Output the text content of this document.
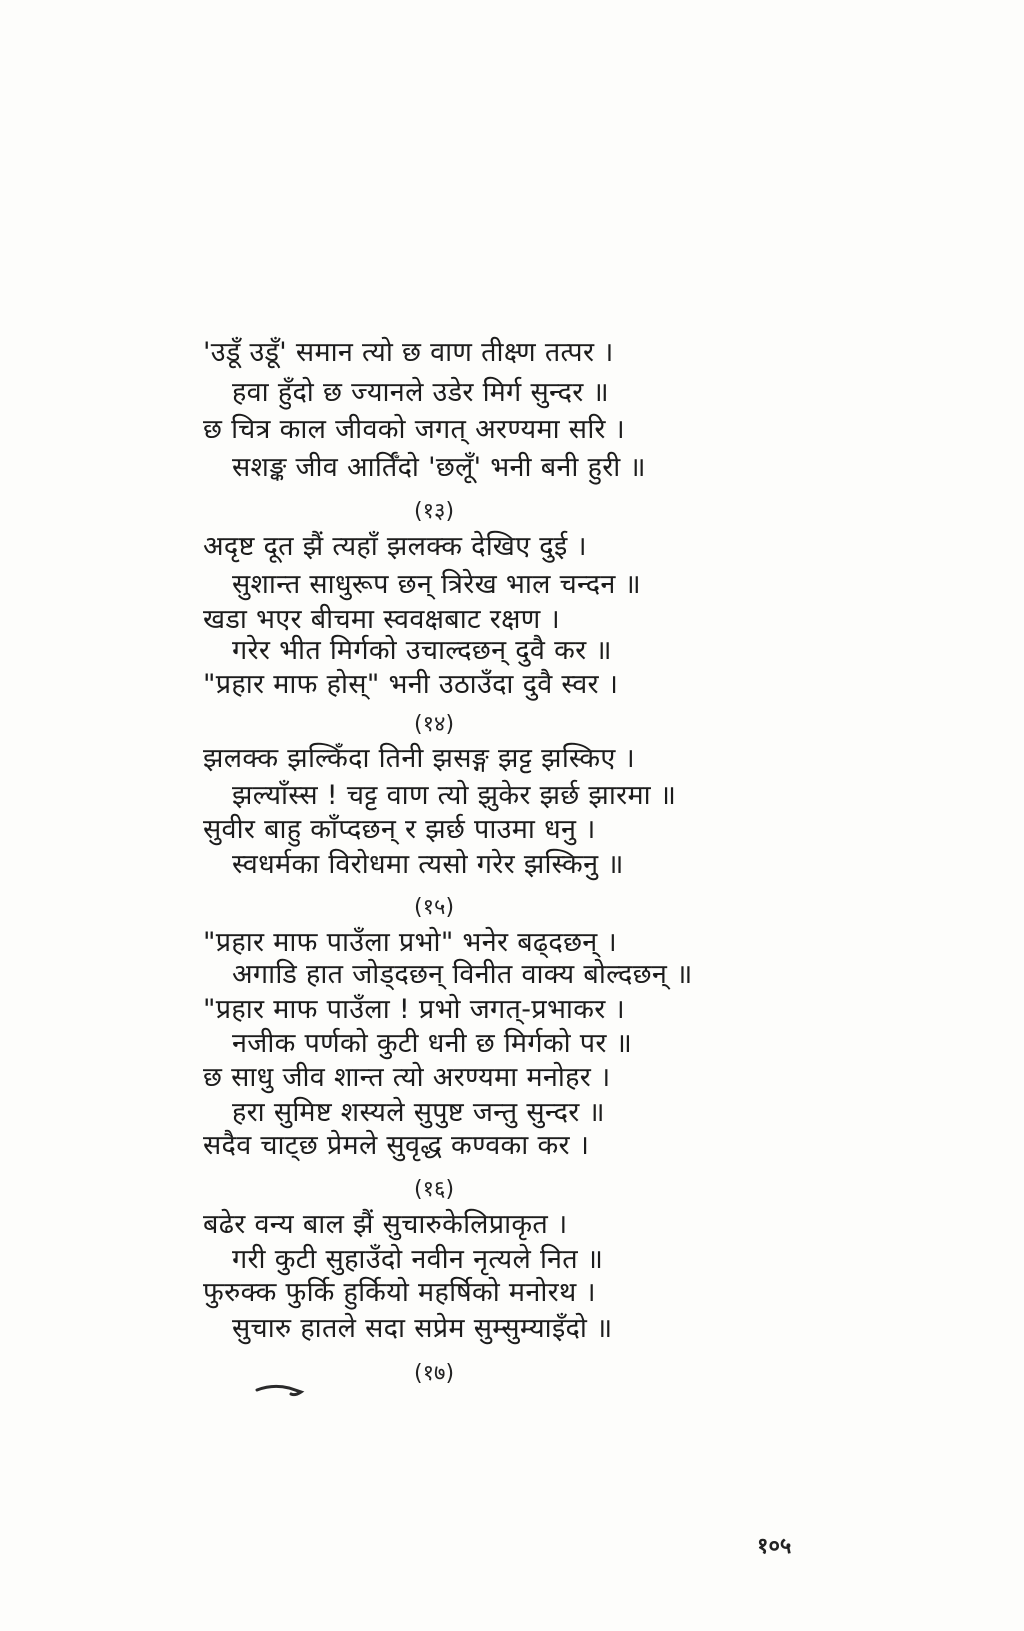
'उडूँ उडूँ' समान त्यो छ वाण तीक्ष्ण तत्पर ।
हवा हुँदो छ ज्यानले उडेर मिर्ग सुन्दर ॥
छ चित्र काल जीवको जगत् अरण्यमा सरि ।
सशङ्क जीव आर्तिँदो 'छलूँ' भनी बनी हुरी ॥
(१३)
अदृष्ट दूत झैं त्यहाँ झलक्क देखिए दुई ।
सुशान्त साधुरूप छन् त्रिरेख भाल चन्दन ॥
खडा भएर बीचमा स्ववक्षबाट रक्षण ।
गरेर भीत मिर्गको उचाल्दछन् दुवै कर ॥
"प्रहार माफ होस्" भनी उठाउँदा दुवै स्वर ।
(१४)
झलक्क झल्किँदा तिनी झसङ्ग झट्ट झस्किए ।
झल्याँस्स ! चट्ट वाण त्यो झुकेर झर्छ झारमा ॥
सुवीर बाहु काँप्दछन् र झर्छ पाउमा धनु ।
स्वधर्मका विरोधमा त्यसो गरेर झस्किनु ॥
(१५)
"प्रहार माफ पाउँला प्रभो" भनेर बढ्दछन् ।
अगाडि हात जोड्दछन् विनीत वाक्य बोल्दछन् ॥
"प्रहार माफ पाउँला ! प्रभो जगत्-प्रभाकर ।
नजीक पर्णको कुटी धनी छ मिर्गको पर ॥
छ साधु जीव शान्त त्यो अरण्यमा मनोहर ।
हरा सुमिष्ट शस्यले सुपुष्ट जन्तु सुन्दर ॥
सदैव चाट्छ प्रेमले सुवृद्ध कण्वका कर ।
(१६)
बढेर वन्य बाल झैं सुचारुकेलिप्राकृत ।
गरी कुटी सुहाउँदो नवीन नृत्यले नित ॥
फुरुक्क फुर्कि हुर्कियो महर्षिको मनोरथ ।
सुचारु हातले सदा सप्रेम सुम्सुम्याइँदो ॥
(१७)
१०५
